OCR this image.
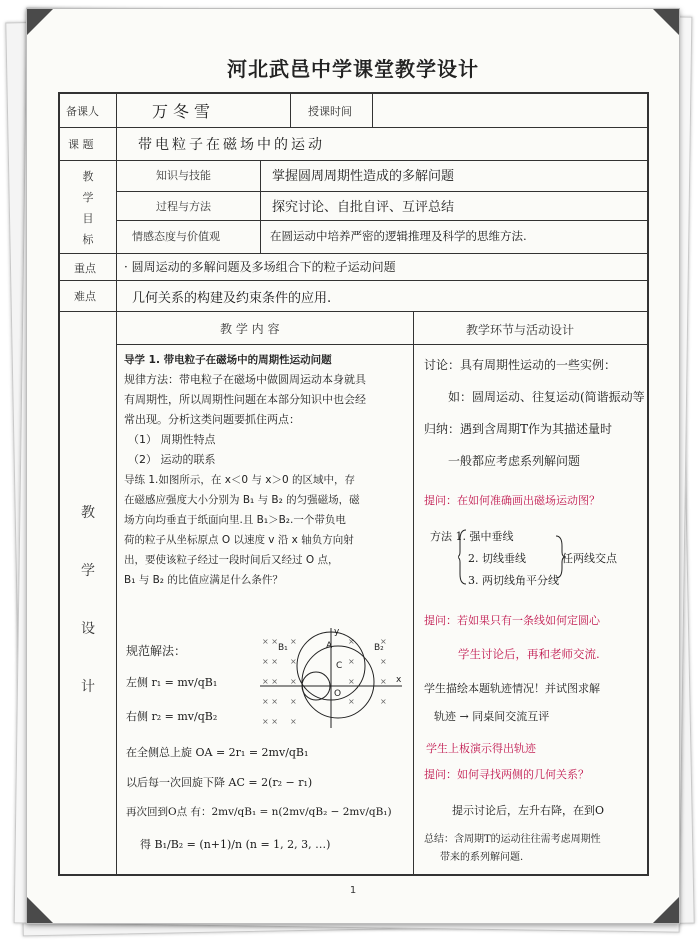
河北武邑中学课堂教学设计
备课人	万冬雪	授课时间
课 题	带电粒子在磁场中的运动
教
学
目
标
知识与技能	掌握圆周周期性造成的多解问题
过程与方法	探究讨论、自批自评、互评总结
情感态度与价值观	在圆运动中培养严密的逻辑推理及科学的思维方法.
重点 · 圆周运动的多解问题及多场组合下的粒子运动问题
难点	几何关系的构建及约束条件的应用.
教
学
设
计
教 学 内 容	教学环节与活动设计
导学 1. 带电粒子在磁场中的周期性运动问题
规律方法：带电粒子在磁场中做圆周运动本身就具
有周期性，所以周期性问题在本部分知识中也会经
常出现。分析这类问题要抓住两点：
（1） 周期性特点
（2） 运动的联系
导练 1.如图所示，在 x＜0 与 x＞0 的区域中，存
在磁感应强度大小分别为 B₁ 与 B₂ 的匀强磁场，磁
场方向均垂直于纸面向里.且 B₁＞B₂.一个带负电
荷的粒子从坐标原点 O 以速度 v 沿 x 轴负方向射
出，要使该粒子经过一段时间后又经过 O 点，
B₁ 与 B₂ 的比值应满足什么条件？
规范解法：
左侧 r₁ = mv/qB₁
右侧 r₂ = mv/qB₂
在全侧总上旋 OA = 2r₁ = 2mv/qB₁
以后每一次回旋下降 AC = 2(r₂ − r₁)
再次回到O点 有：2mv/qB₁ = n(2mv/qB₂ − 2mv/qB₁)
得 B₁/B₂ = (n+1)/n (n = 1, 2, 3, …)
× ×
× ×
× ×
× ×
× ×
×
×
×
×
×
×
×
×
×
×
×
×
×
y
x
B₁	B₂
O
A
C
讨论：具有周期性运动的一些实例：
如：圆周运动、往复运动(简谐振动等
归纳：遇到含周期T作为其描述量时
一般都应考虑系列解问题
提问：在如何准确画出磁场运动图？
方法 1. 强中垂线
2. 切线垂线
3. 两切线角平分线
任两线交点
提问：若如果只有一条线如何定圆心
学生讨论后，再和老师交流.
学生描绘本题轨迹情况！并试图求解
轨迹 → 同桌间交流互评
学生上板演示得出轨迹
提问：如何寻找两侧的几何关系？
提示讨论后，左升右降，在到O
总结：含周期T的运动往往需考虑周期性
带来的系列解问题.
1
